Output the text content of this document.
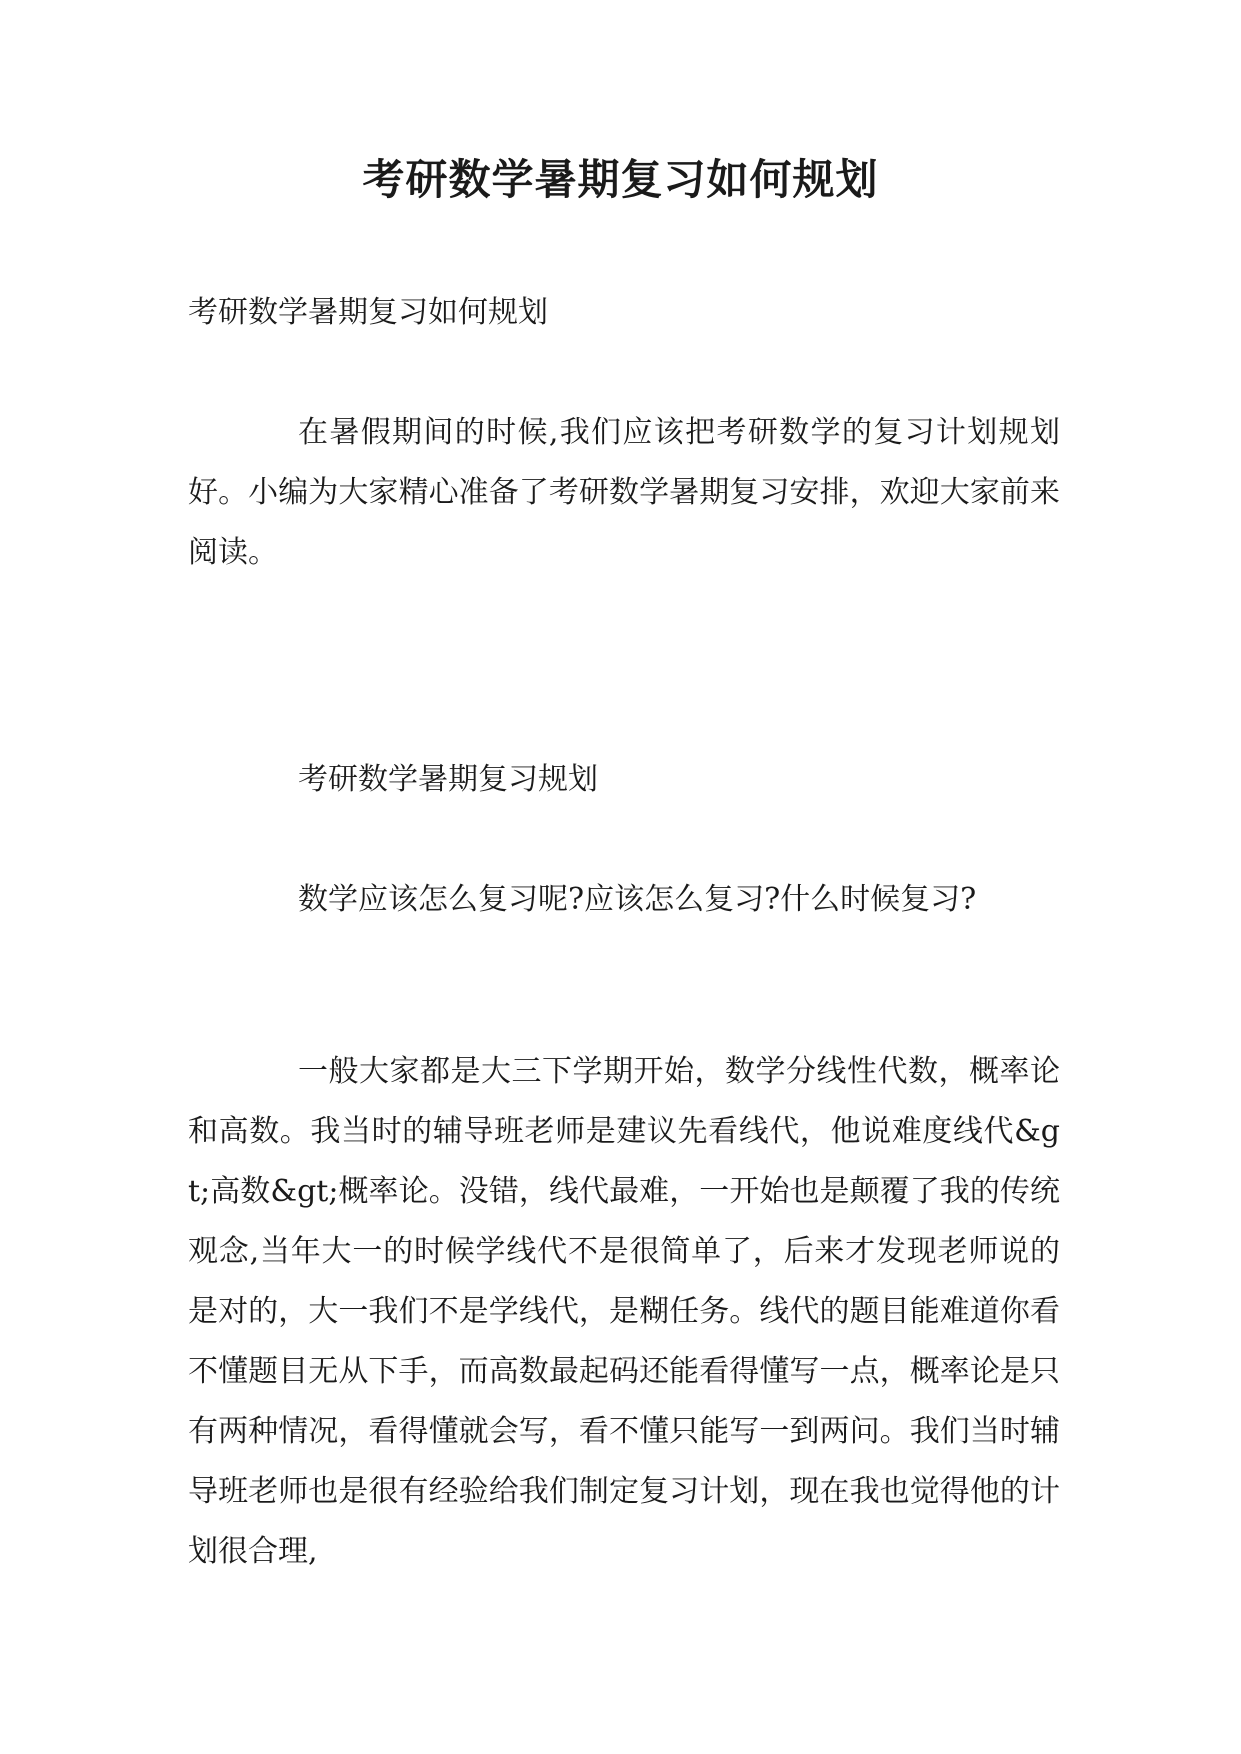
考研数学暑期复习如何规划

考研数学暑期复习如何规划

在暑假期间的时候,我们应该把考研数学的复习计划规划好。小编为大家精心准备了考研数学暑期复习安排，欢迎大家前来阅读。

考研数学暑期复习规划

数学应该怎么复习呢?应该怎么复习?什么时候复习?

一般大家都是大三下学期开始，数学分线性代数，概率论和高数。我当时的辅导班老师是建议先看线代，他说难度线代&gt;高数&gt;概率论。没错，线代最难，一开始也是颠覆了我的传统观念,当年大一的时候学线代不是很简单了，后来才发现老师说的是对的，大一我们不是学线代，是糊任务。线代的题目能难道你看不懂题目无从下手，而高数最起码还能看得懂写一点，概率论是只有两种情况，看得懂就会写，看不懂只能写一到两问。我们当时辅导班老师也是很有经验给我们制定复习计划，现在我也觉得他的计划很合理,
